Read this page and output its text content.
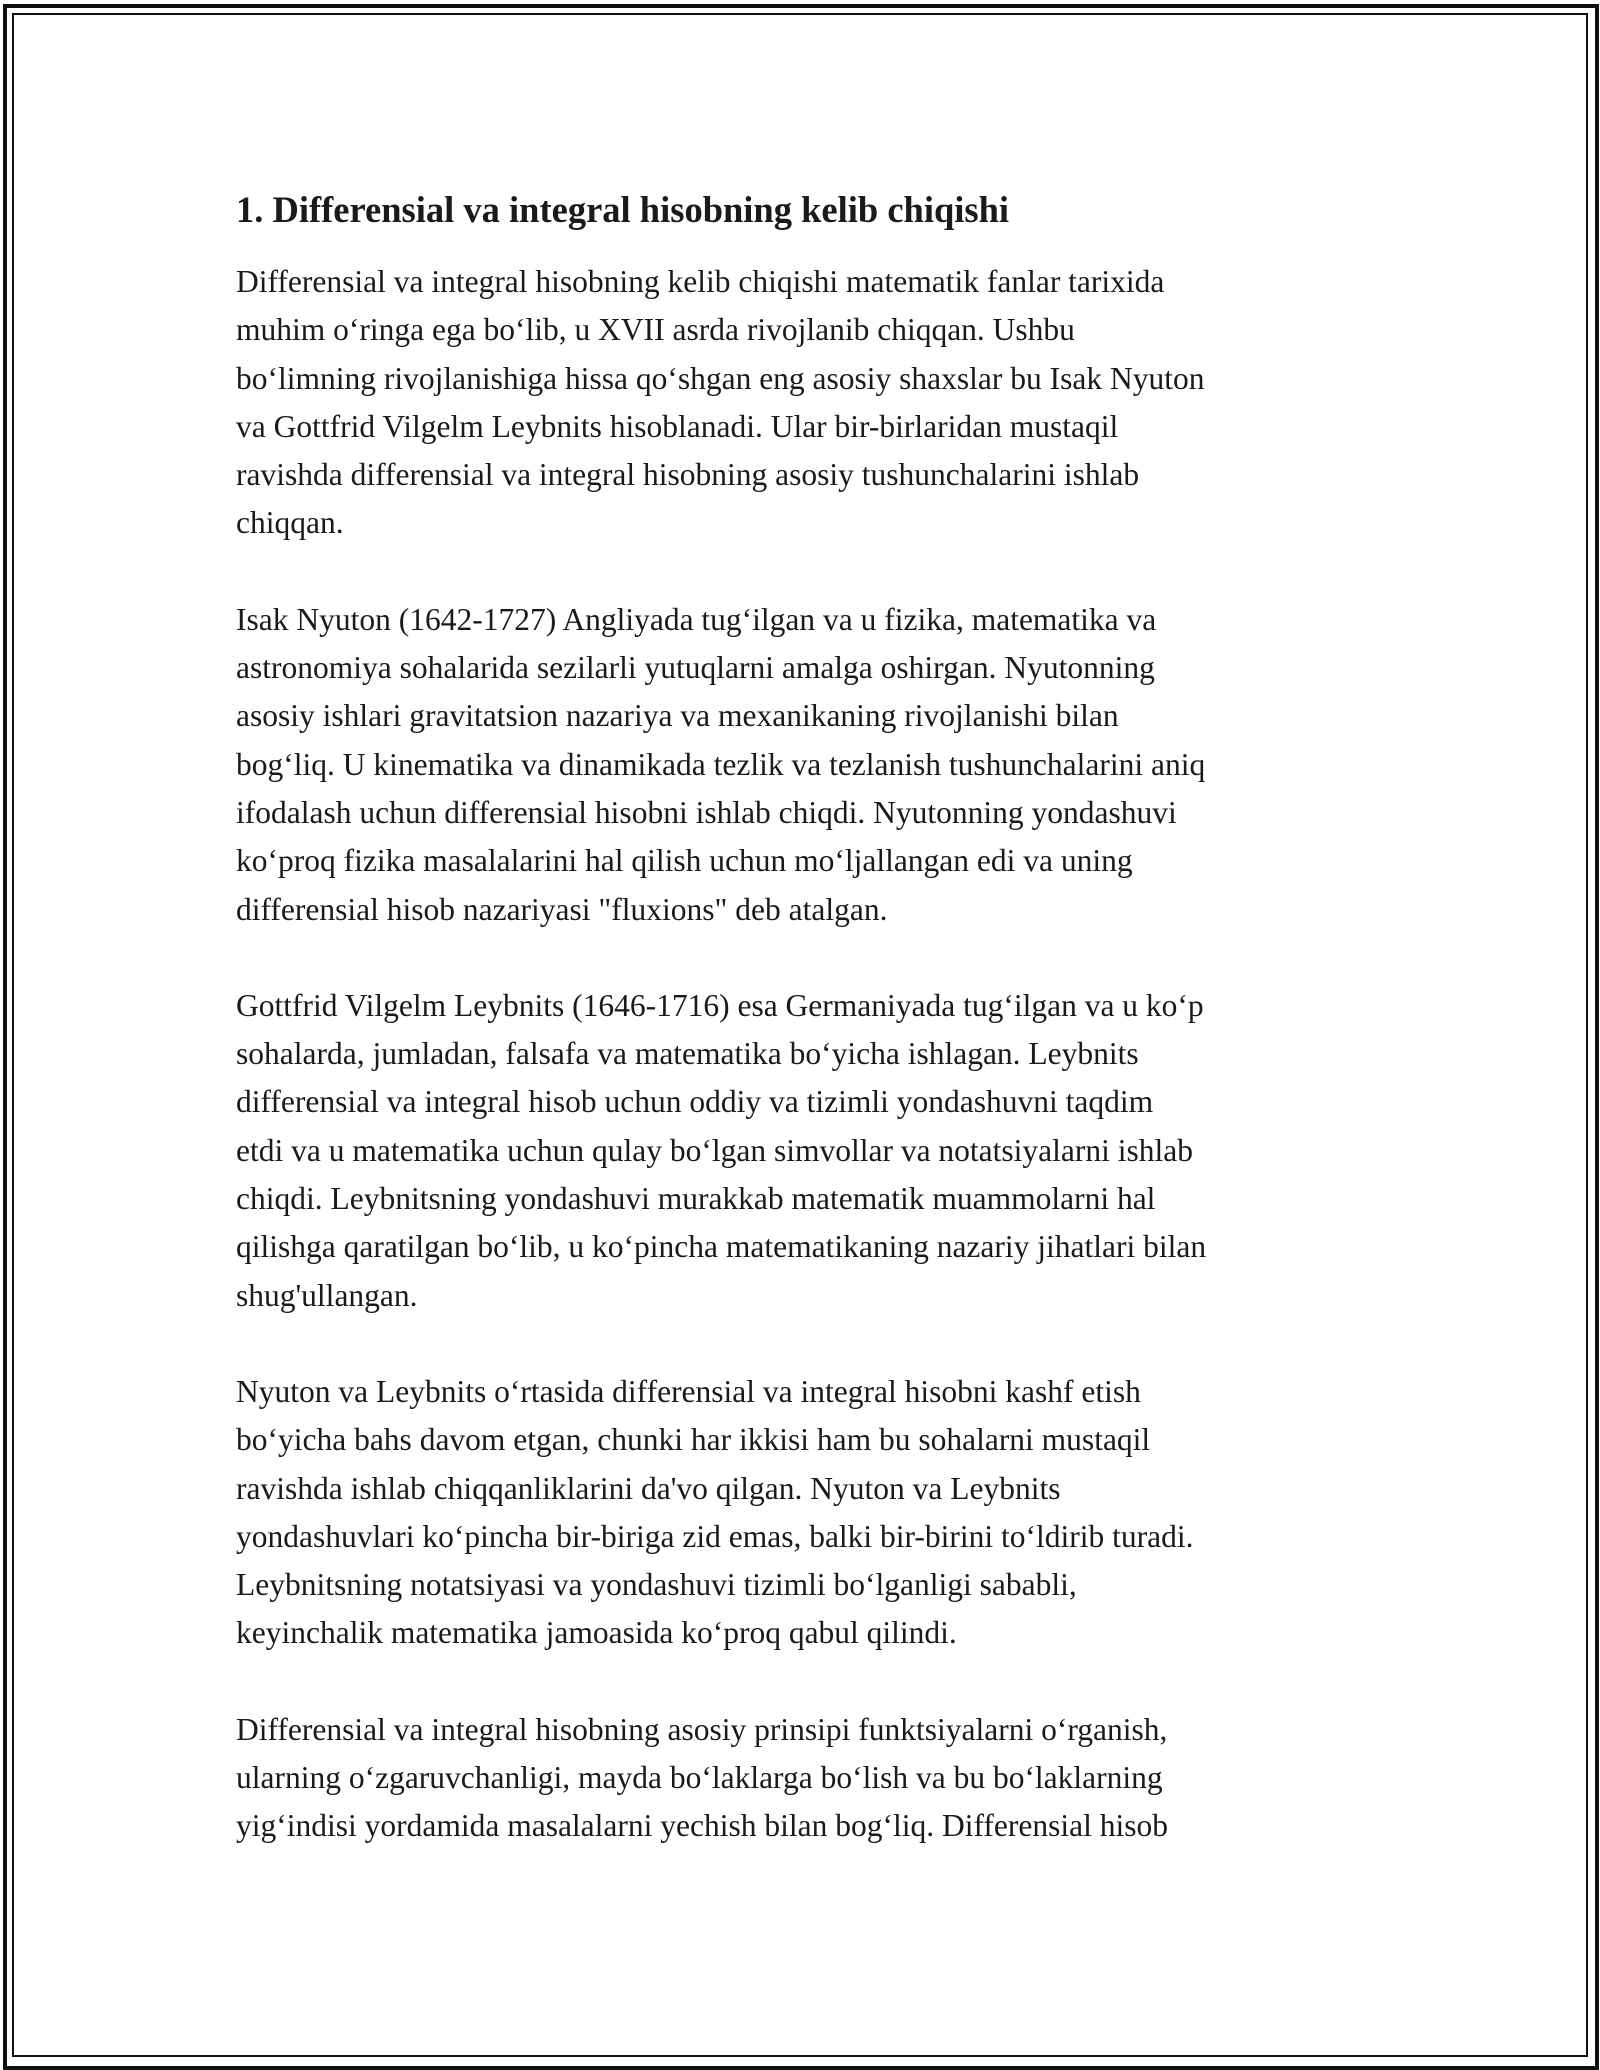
1. Differensial va integral hisobning kelib chiqishi

Differensial va integral hisobning kelib chiqishi matematik fanlar tarixida
muhim o‘ringa ega bo‘lib, u XVII asrda rivojlanib chiqqan. Ushbu
bo‘limning rivojlanishiga hissa qo‘shgan eng asosiy shaxslar bu Isak Nyuton
va Gottfrid Vilgelm Leybnits hisoblanadi. Ular bir-birlaridan mustaqil
ravishda differensial va integral hisobning asosiy tushunchalarini ishlab
chiqqan.

Isak Nyuton (1642-1727) Angliyada tug‘ilgan va u fizika, matematika va
astronomiya sohalarida sezilarli yutuqlarni amalga oshirgan. Nyutonning
asosiy ishlari gravitatsion nazariya va mexanikaning rivojlanishi bilan
bog‘liq. U kinematika va dinamikada tezlik va tezlanish tushunchalarini aniq
ifodalash uchun differensial hisobni ishlab chiqdi. Nyutonning yondashuvi
ko‘proq fizika masalalarini hal qilish uchun mo‘ljallangan edi va uning
differensial hisob nazariyasi "fluxions" deb atalgan.

Gottfrid Vilgelm Leybnits (1646-1716) esa Germaniyada tug‘ilgan va u ko‘p
sohalarda, jumladan, falsafa va matematika bo‘yicha ishlagan. Leybnits
differensial va integral hisob uchun oddiy va tizimli yondashuvni taqdim
etdi va u matematika uchun qulay bo‘lgan simvollar va notatsiyalarni ishlab
chiqdi. Leybnitsning yondashuvi murakkab matematik muammolarni hal
qilishga qaratilgan bo‘lib, u ko‘pincha matematikaning nazariy jihatlari bilan
shug'ullangan.

Nyuton va Leybnits o‘rtasida differensial va integral hisobni kashf etish
bo‘yicha bahs davom etgan, chunki har ikkisi ham bu sohalarni mustaqil
ravishda ishlab chiqqanliklarini da'vo qilgan. Nyuton va Leybnits
yondashuvlari ko‘pincha bir-biriga zid emas, balki bir-birini to‘ldirib turadi.
Leybnitsning notatsiyasi va yondashuvi tizimli bo‘lganligi sababli,
keyinchalik matematika jamoasida ko‘proq qabul qilindi.

Differensial va integral hisobning asosiy prinsipi funktsiyalarni o‘rganish,
ularning o‘zgaruvchanligi, mayda bo‘laklarga bo‘lish va bu bo‘laklarning
yig‘indisi yordamida masalalarni yechish bilan bog‘liq. Differensial hisob
